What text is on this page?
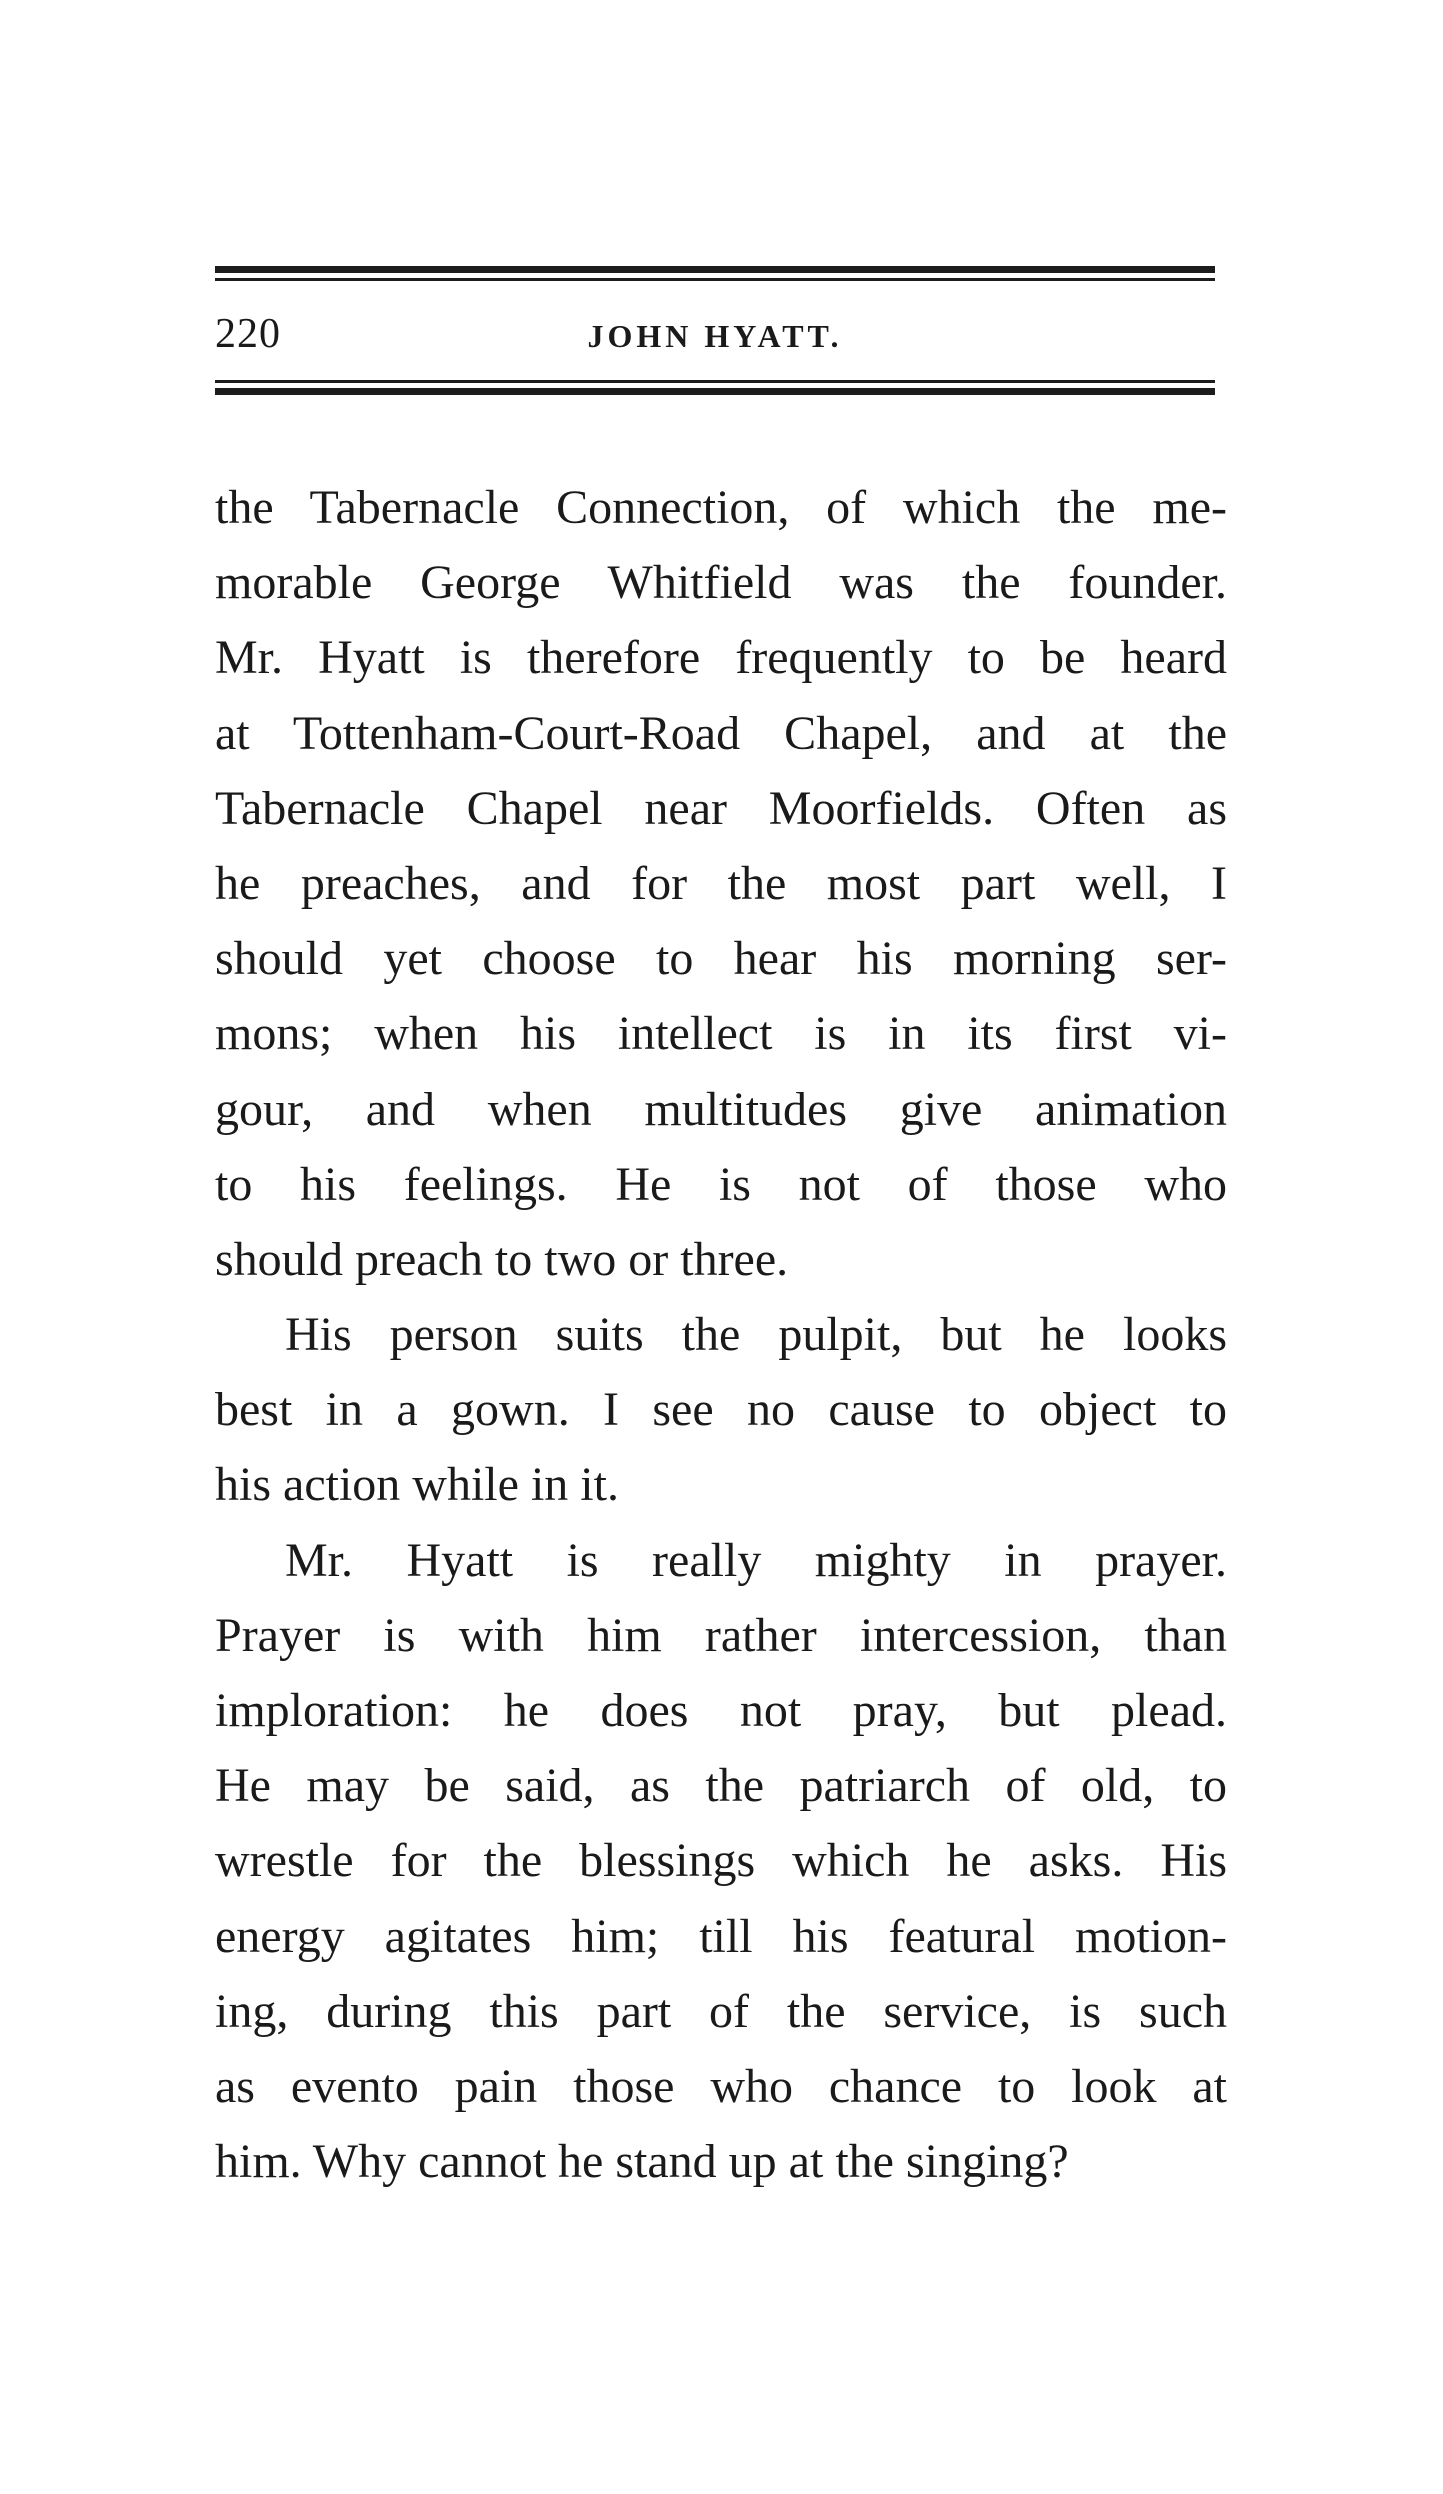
220	JOHN HYATT.
the Tabernacle Connection, of which the me-
morable George Whitfield was the founder.
Mr. Hyatt is therefore frequently to be heard
at Tottenham-Court-Road Chapel, and at the
Tabernacle Chapel near Moorfields. Often as
he preaches, and for the most part well, I
should yet choose to hear his morning ser-
mons; when his intellect is in its first vi-
gour, and when multitudes give animation
to his feelings. He is not of those who
should preach to two or three.
His person suits the pulpit, but he looks
best in a gown. I see no cause to object to
his action while in it.
Mr. Hyatt is really mighty in prayer.
Prayer is with him rather intercession, than
imploration: he does not pray, but plead.
He may be said, as the patriarch of old, to
wrestle for the blessings which he asks. His
energy agitates him; till his featural motion-
ing, during this part of the service, is such
as evento pain those who chance to look at
him. Why cannot he stand up at the singing?
